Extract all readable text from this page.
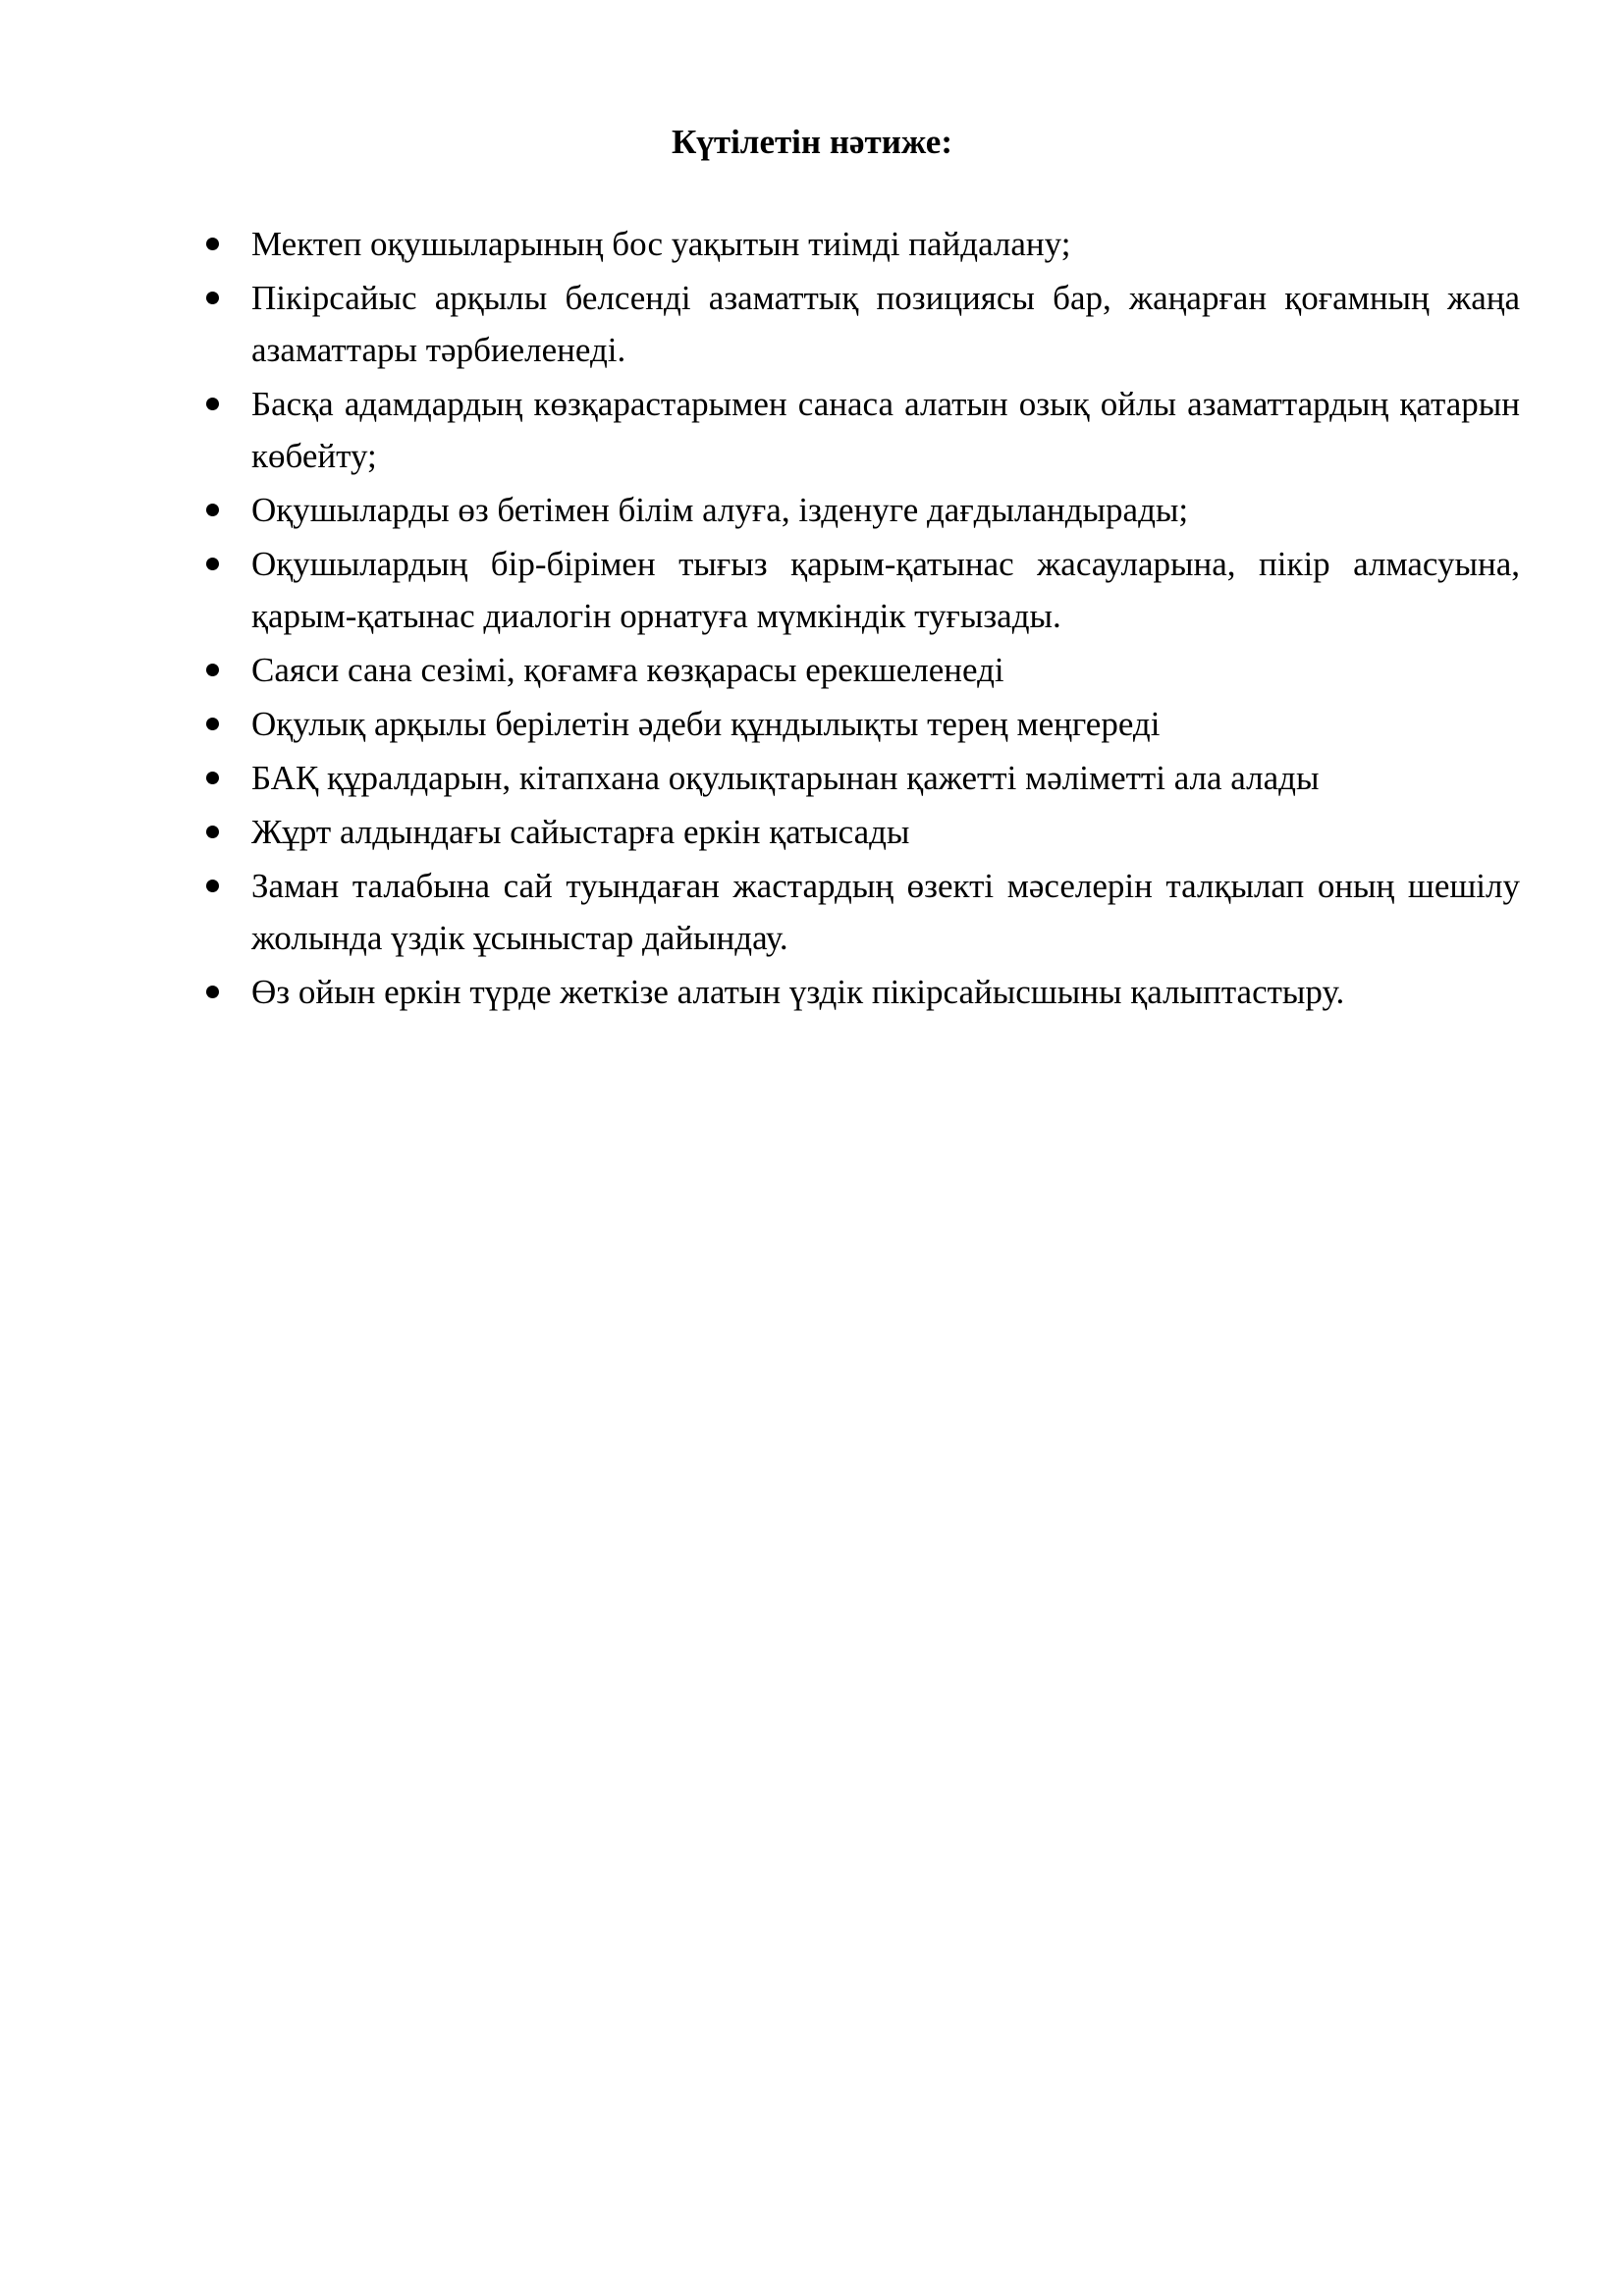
Күтілетін нәтиже:
Мектеп оқушыларының бос уақытын тиімді пайдалану;
Пікірсайыс арқылы белсенді азаматтық позициясы бар, жаңарған қоғамның жаңа азаматтары тәрбиеленеді.
Басқа адамдардың көзқарастарымен санаса алатын озық ойлы азаматтардың қатарын көбейту;
Оқушыларды өз бетімен білім алуға, ізденуге дағдыландырады;
Оқушылардың бір-бірімен тығыз қарым-қатынас жасауларына, пікір алмасуына, қарым-қатынас диалогін орнатуға мүмкіндік туғызады.
Саяси сана сезімі, қоғамға көзқарасы ерекшеленеді
Оқулық арқылы берілетін әдеби құндылықты терең меңгереді
БАҚ құралдарын, кітапхана оқулықтарынан қажетті мәліметті ала алады
Жұрт алдындағы сайыстарға еркін қатысады
Заман талабына сай туындаған жастардың өзекті мәселерін талқылап оның шешілу жолында үздік ұсыныстар дайындау.
Өз ойын еркін түрде жеткізе алатын үздік пікірсайысшыны қалыптастыру.
